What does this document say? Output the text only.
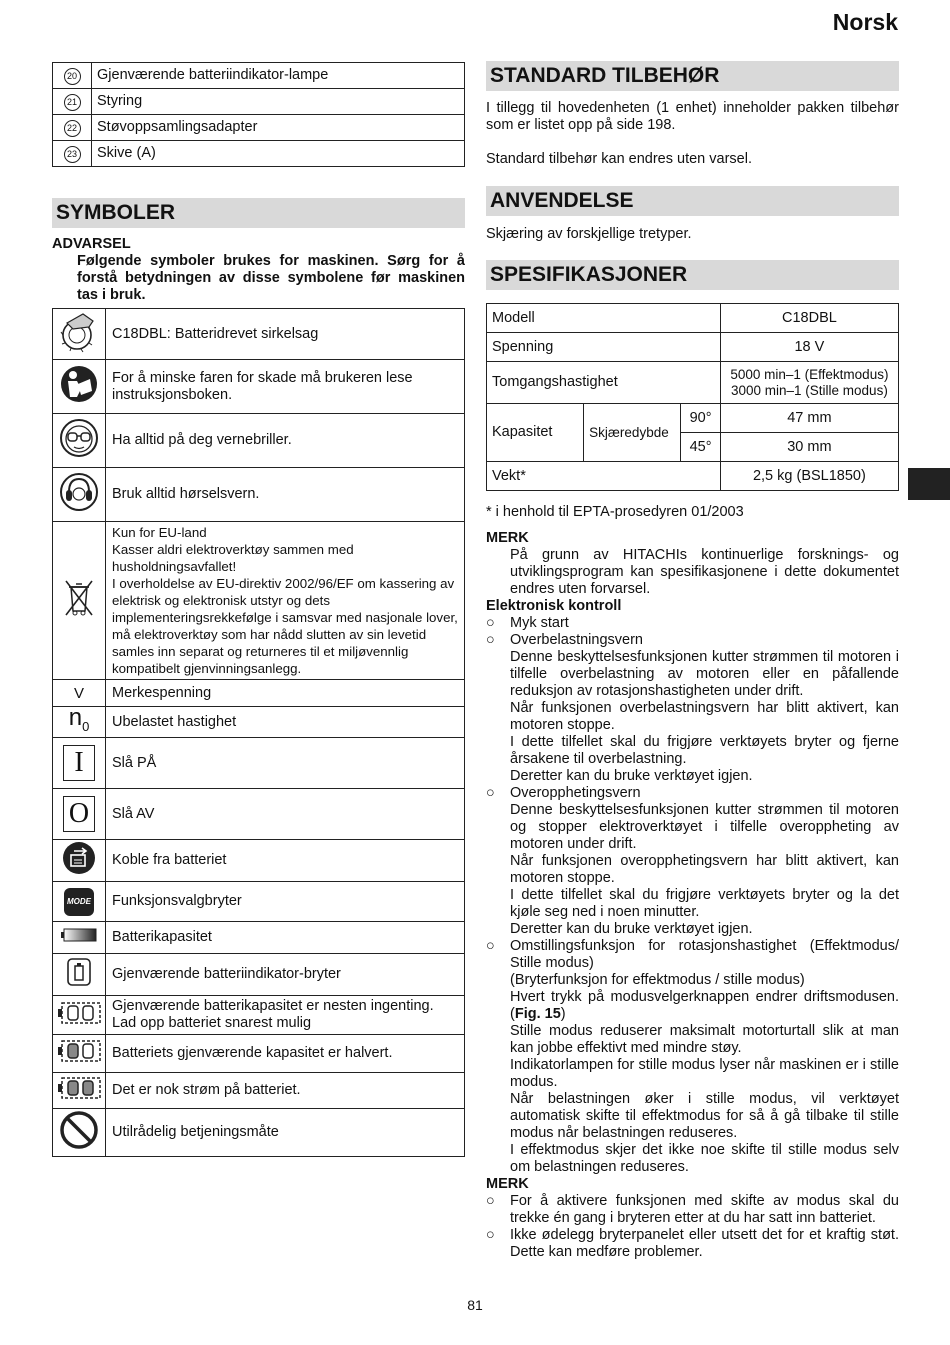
Norsk
20	Gjenværende batteriindikator-lampe
21	Styring
22	Støvoppsamlingsadapter
23	Skive (A)
SYMBOLER
ADVARSEL
Følgende symboler brukes for maskinen. Sørg for å forstå betydningen av disse symbolene før maskinen tas i bruk.
	C18DBL: Batteridrevet sirkelsag
	For å minske faren for skade må brukeren lese instruksjonsboken.
	Ha alltid på deg vernebriller.
	Bruk alltid hørselsvern.

Kun for EU-land
Kasser aldri elektroverktøy sammen med husholdningsavfallet!
I overholdelse av EU-direktiv 2002/96/EF om kassering av elektrisk og elektronisk utstyr og dets implementeringsrekkefølge i samsvar med nasjonale lover, må elektroverktøy som har nådd slutten av sin levetid samles inn separat og returneres til et miljøvennlig kompatibelt gjenvinningsanlegg.

V	Merkespenning
$n_0$	Ubelastet hastighet
I	Slå PÅ
O	Slå AV
	Koble fra batteriet
MODE	Funksjonsvalgbryter
	Batterikapasitet
	Gjenværende batteriindikator-bryter
	Gjenværende batterikapasitet er nesten ingenting. Lad opp batteriet snarest mulig
	Batteriets gjenværende kapasitet er halvert.
	Det er nok strøm på batteriet.
	Utilrådelig betjeningsmåte
STANDARD TILBEHØR
I tillegg til hovedenheten (1 enhet) inneholder pakken tilbehør som er listet opp på side 198.
Standard tilbehør kan endres uten varsel.
ANVENDELSE
Skjæring av forskjellige tretyper.
SPESIFIKASJONER
Modell			C18DBL
Spenning			18 V
Tomgangshastighet			5000 min–1 (Effektmodus)
3000 min–1 (Stille modus)

Kapasitet	Skjæredybde	90°	47 mm
		45°	30 mm
Vekt*			2,5 kg (BSL1850)
* i henhold til EPTA-prosedyren 01/2003
MERK
På grunn av HITACHIs kontinuerlige forsknings- og utviklingsprogram kan spesifikasjonene i dette dokumentet endres uten forvarsel.
Elektronisk kontroll
○ Myk start
○ Overbelastningsvern
Denne beskyttelsesfunksjonen kutter strømmen til motoren i tilfelle overbelastning av motoren eller en påfallende reduksjon av rotasjonshastigheten under drift.
Når funksjonen overbelastningsvern har blitt aktivert, kan motoren stoppe.
I dette tilfellet skal du frigjøre verktøyets bryter og fjerne årsakene til overbelastning.
Deretter kan du bruke verktøyet igjen.
○ Overopphetingsvern
Denne beskyttelsesfunksjonen kutter strømmen til motoren og stopper elektroverktøyet i tilfelle overoppheting av motoren under drift.
Når funksjonen overopphetingsvern har blitt aktivert, kan motoren stoppe.
I dette tilfellet skal du frigjøre verktøyets bryter og la det kjøle seg ned i noen minutter.
Deretter kan du bruke verktøyet igjen.
○ Omstillingsfunksjon for rotasjonshastighet (Effektmodus/ Stille modus)
(Bryterfunksjon for effektmodus / stille modus)
Hvert trykk på modusvelgerknappen endrer driftsmodusen. (Fig. 15)
Stille modus reduserer maksimalt motorturtall slik at man kan jobbe effektivt med mindre støy.
Indikatorlampen for stille modus lyser når maskinen er i stille modus.
Når belastningen øker i stille modus, vil verktøyet automatisk skifte til effektmodus for så å gå tilbake til stille modus når belastningen reduseres.
I effektmodus skjer det ikke noe skifte til stille modus selv om belastningen reduseres.
MERK
○ For å aktivere funksjonen med skifte av modus skal du trekke én gang i bryteren etter at du har satt inn batteriet.
○ Ikke ødelegg bryterpanelet eller utsett det for et kraftig støt. Dette kan medføre problemer.
81
